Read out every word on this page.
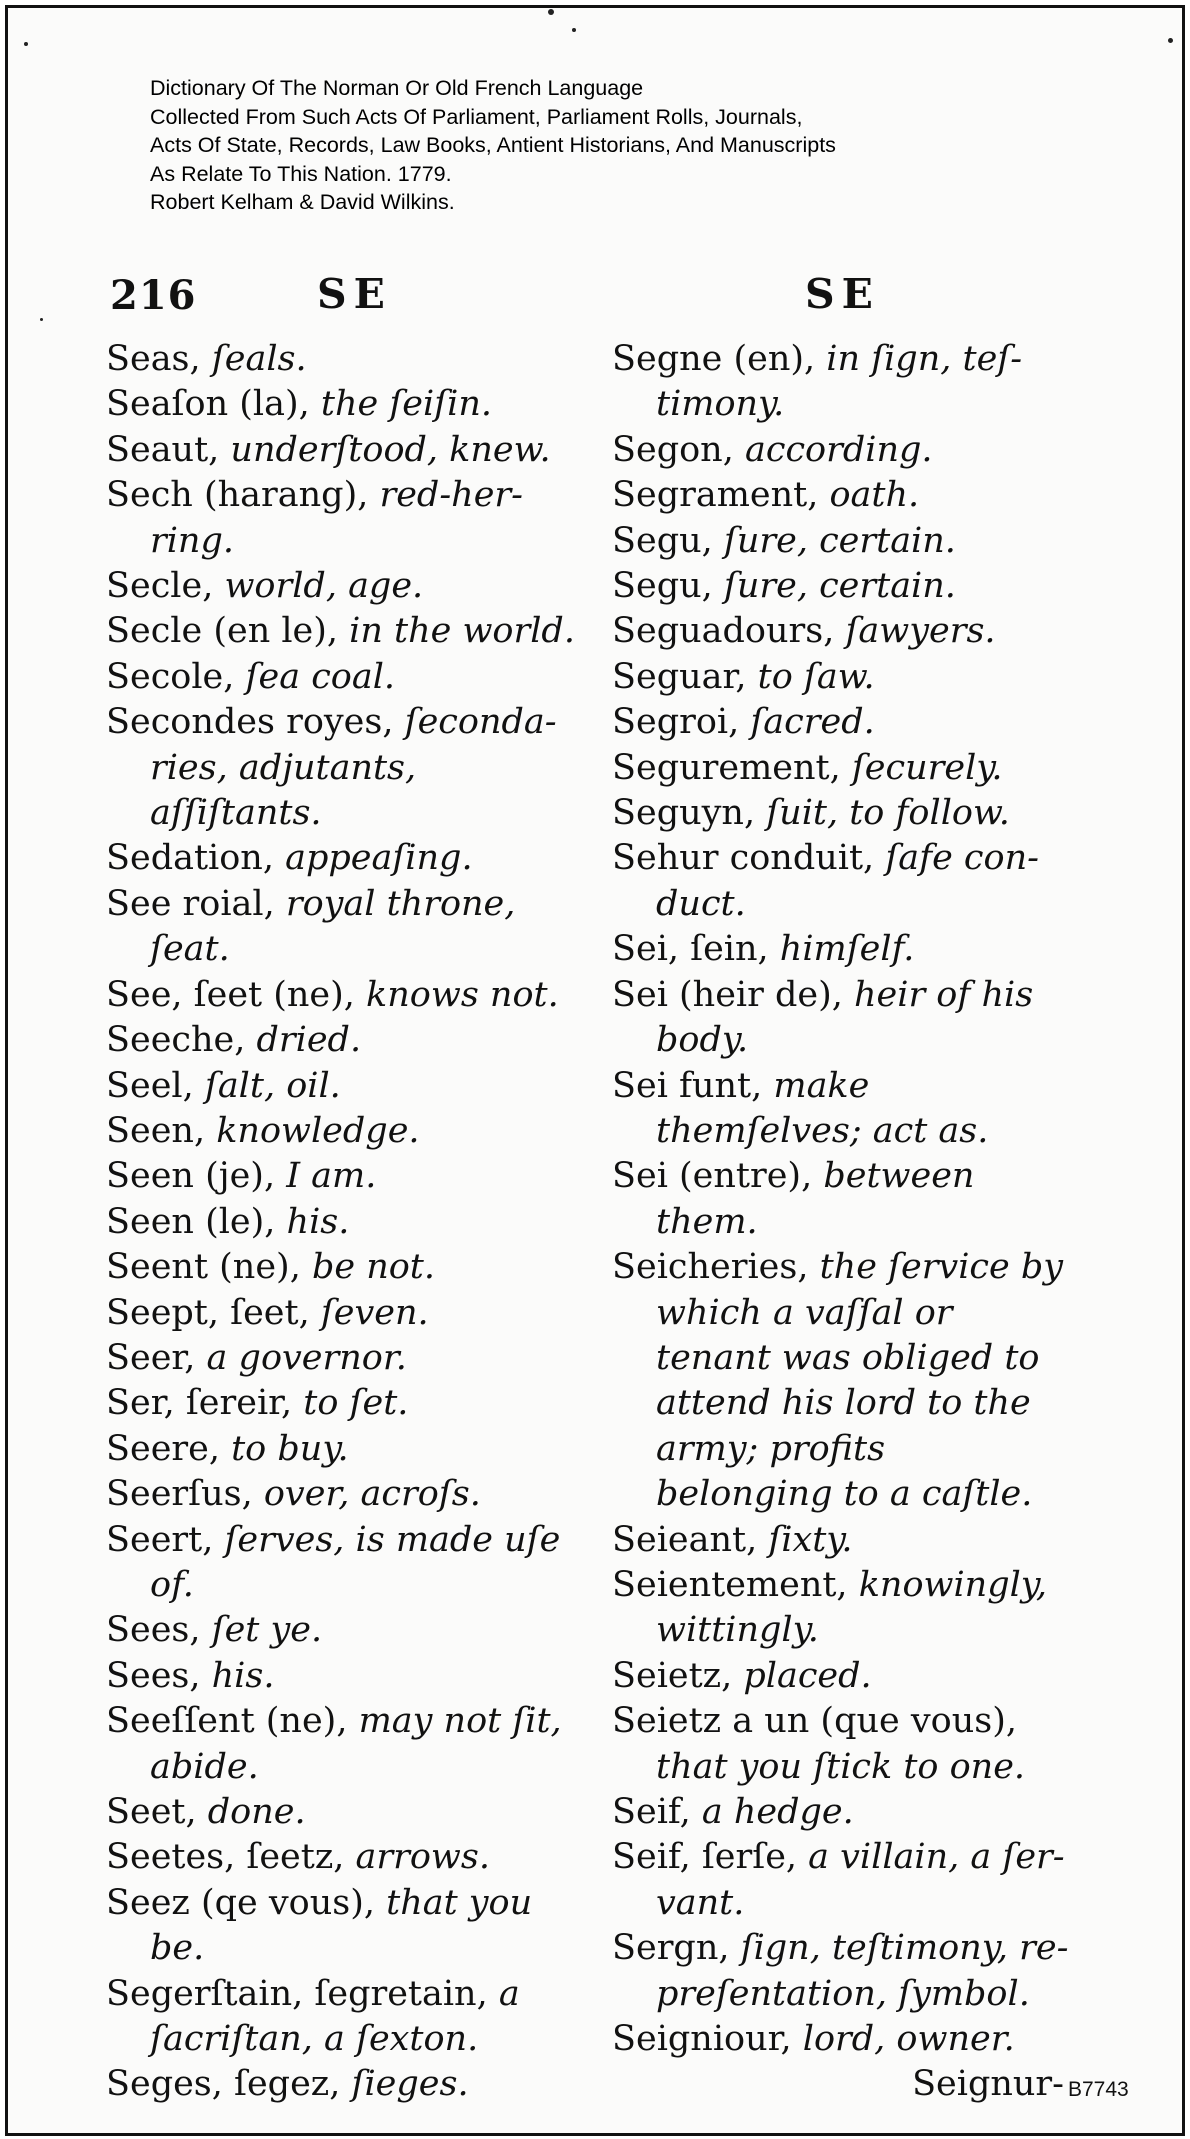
Dictionary Of The Norman Or Old French Language
Collected From Such Acts Of Parliament, Parliament Rolls, Journals,
Acts Of State, Records, Law Books, Antient Historians, And Manuscripts
As Relate To This Nation. 1779.
Robert Kelham & David Wilkins.
216	SE	SE
Seas, ſeals.
Seaſon (la), the ſeiſin.
Seaut, underſtood, knew.
Sech (harang), red-her-ring.
Secle, world, age.
Secle (en le), in the world.
Secole, ſea coal.
Secondes royes, ſeconda-ries, adjutants, aſſiſtants.
Sedation, appeaſing.
See roial, royal throne, ſeat.
See, ſeet (ne), knows not.
Seeche, dried.
Seel, ſalt, oil.
Seen, knowledge.
Seen (je), I am.
Seen (le), his.
Seent (ne), be not.
Seept, ſeet, ſeven.
Seer, a governor.
Ser, ſereir, to ſet.
Seere, to buy.
Seerſus, over, acroſs.
Seert, ſerves, is made uſe of.
Sees, ſet ye.
Sees, his.
Seeſſent (ne), may not ſit, abide.
Seet, done.
Seetes, ſeetz, arrows.
Seez (qe vous), that you be.
Segerſtain, ſegretain, a ſacriſtan, a ſexton.
Seges, ſegez, ſieges.
Segne (en), in ſign, teſ-timony.
Segon, according.
Segrament, oath.
Segu, ſure, certain.
Segu, ſure, certain.
Seguadours, ſawyers.
Seguar, to ſaw.
Segroi, ſacred.
Segurement, ſecurely.
Seguyn, ſuit, to follow.
Sehur conduit, ſafe con-duct.
Sei, ſein, himſelf.
Sei (heir de), heir of his body.
Sei funt, make themſelves; act as.
Sei (entre), between them.
Seicheries, the ſervice by which a vaſſal or tenant was obliged to attend his lord to the army; profits belonging to a caſtle.
Seieant, ſixty.
Seientement, knowingly, wittingly.
Seietz, placed.
Seietz a un (que vous), that you ſtick to one.
Seif, a hedge.
Seif, ſerſe, a villain, a ſer-vant.
Sergn, ſign, teſtimony, re-preſentation, ſymbol.
Seigniour, lord, owner.
Seignur- B7743
